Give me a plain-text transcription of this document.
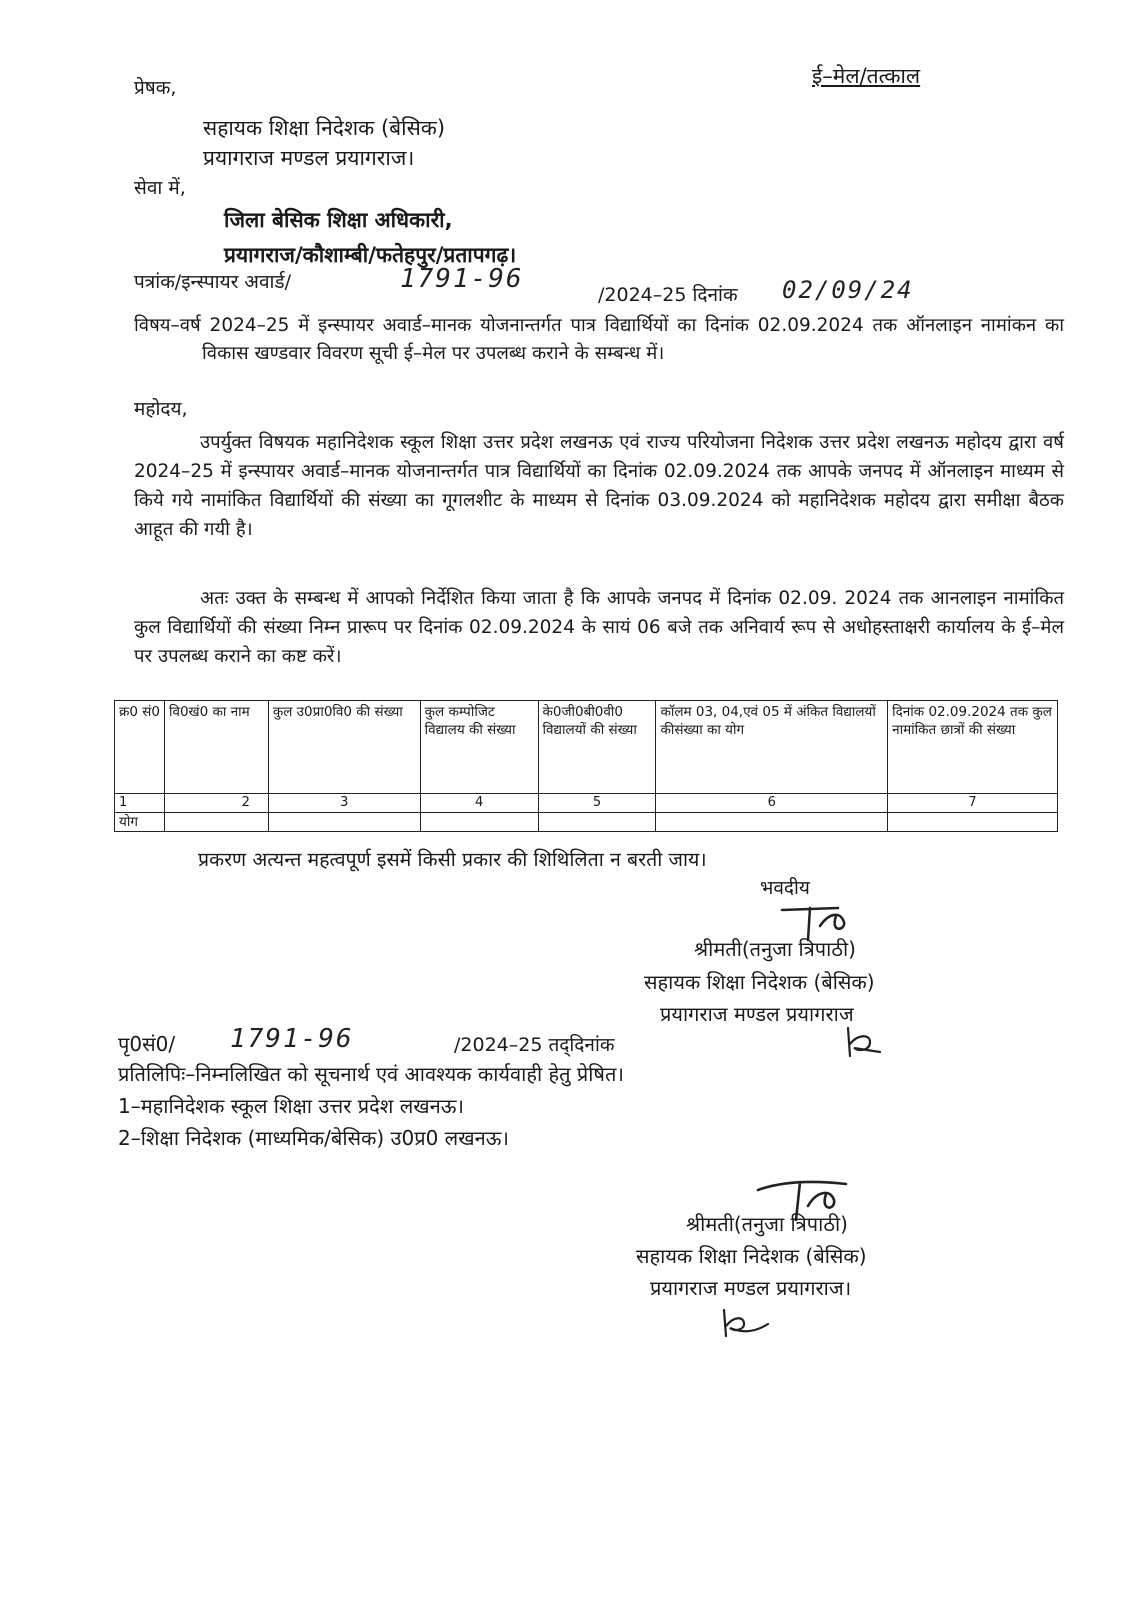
ई–मेल/तत्काल
प्रेषक,
सहायक शिक्षा निदेशक (बेसिक)
प्रयागराज मण्डल प्रयागराज।
सेवा में,
जिला बेसिक शिक्षा अधिकारी,
प्रयागराज/कौशाम्बी/फतेहपुर/प्रतापगढ़।
पत्रांक/इन्स्पायर अवार्ड/	1791-96
/2024–25 दिनांक 02/09/24

विषय–वर्ष 2024–25 में इन्स्पायर अवार्ड–मानक योजनान्तर्गत पात्र विद्यार्थियों का दिनांक 02.09.2024 तक ऑनलाइन नामांकन का विकास खण्डवार विवरण सूची ई–मेल पर उपलब्ध कराने के सम्बन्ध में।

महोदय,

उपर्युक्त विषयक महानिदेशक स्कूल शिक्षा उत्तर प्रदेश लखनऊ एवं राज्य परियोजना निदेशक उत्तर प्रदेश लखनऊ महोदय द्वारा वर्ष 2024–25 में इन्स्पायर अवार्ड–मानक योजनान्तर्गत पात्र विद्यार्थियों का दिनांक 02.09.2024 तक आपके जनपद में ऑनलाइन माध्यम से किये गये नामांकित विद्यार्थियों की संख्या का गूगलशीट के माध्यम से दिनांक 03.09.2024 को महानिदेशक महोदय द्वारा समीक्षा बैठक आहूत की गयी है।

अतः उक्त के सम्बन्ध में आपको निर्देशित किया जाता है कि आपके जनपद में दिनांक 02.09. 2024 तक आनलाइन नामांकित कुल विद्यार्थियों की संख्या निम्न प्रारूप पर दिनांक 02.09.2024 के सायं 06 बजे तक अनिवार्य रूप से अधोहस्ताक्षरी कार्यालय के ई–मेल पर उपलब्ध कराने का कष्ट करें।

क्र0 सं0	वि0खं0 का नाम	कुल उ0प्रा0वि0 की संख्या	कुल कम्पोजिट विद्यालय की संख्या	के0जी0बी0वी0 विद्यालयों की संख्या	कॉलम 03, 04,एवं 05 में अंकित विद्यालयों कीसंख्या का योग	दिनांक 02.09.2024 तक कुल नामांकित छात्रों की संख्या
1	2	3	4	5	6	7
योग						
प्रकरण अत्यन्त महत्वपूर्ण इसमें किसी प्रकार की शिथिलिता न बरती जाय।
भवदीय
श्रीमती(तनुजा त्रिपाठी)
सहायक शिक्षा निदेशक (बेसिक)
प्रयागराज मण्डल प्रयागराज
पृ0सं0/ 1791-96	/2024–25 तद्‌दिनांक
प्रतिलिपिः–निम्नलिखित को सूचनार्थ एवं आवश्यक कार्यवाही हेतु प्रेषित।
1–महानिदेशक स्कूल शिक्षा उत्तर प्रदेश लखनऊ।
2–शिक्षा निदेशक (माध्यमिक/बेसिक) उ0प्र0 लखनऊ।
श्रीमती(तनुजा त्रिपाठी)
सहायक शिक्षा निदेशक (बेसिक)
प्रयागराज मण्डल प्रयागराज।
